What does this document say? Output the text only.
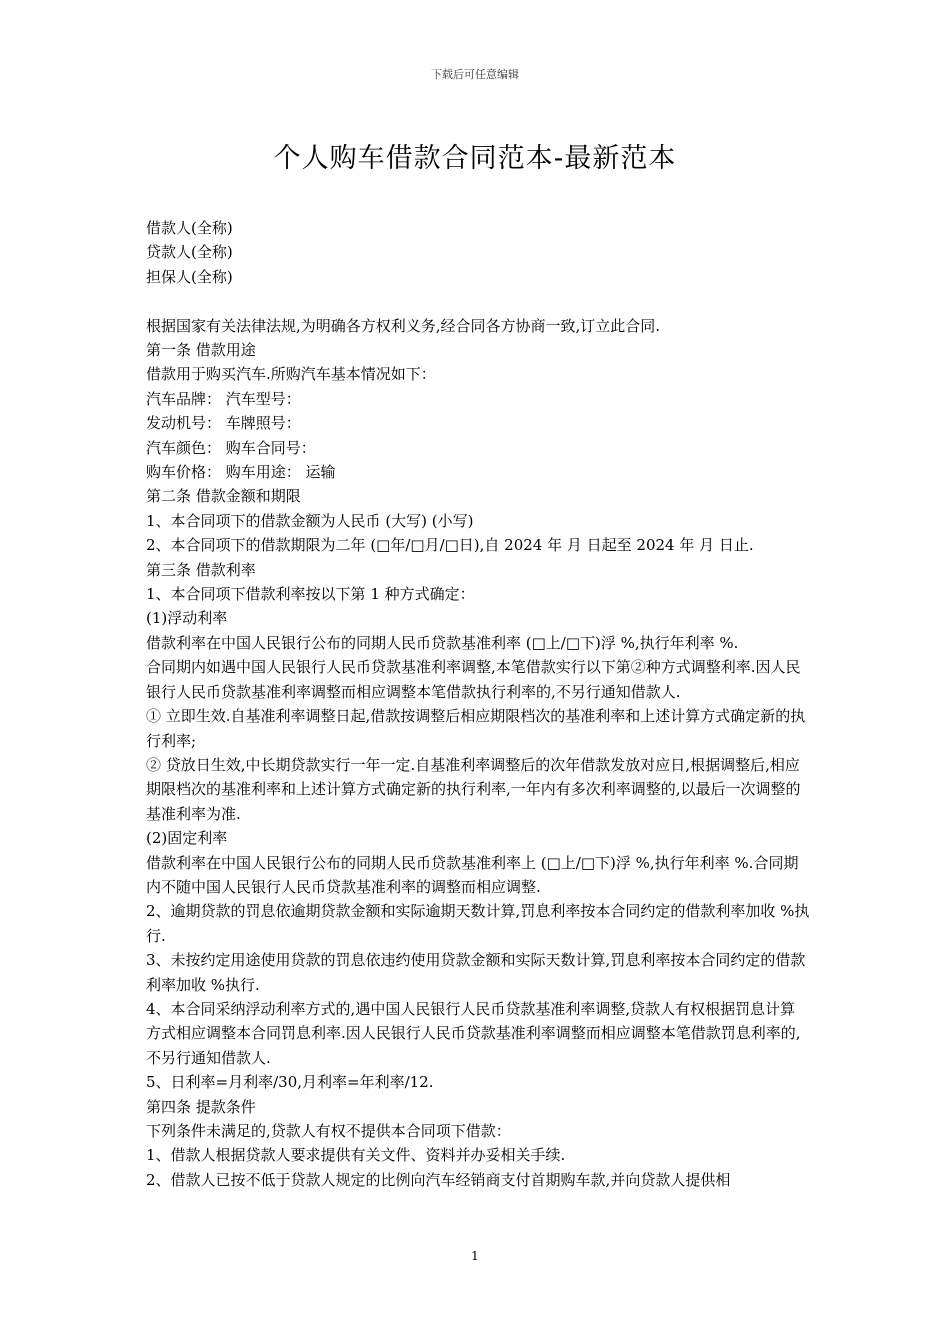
下载后可任意编辑
个人购车借款合同范本-最新范本

借款人(全称)

贷款人(全称)

担保人(全称)

根据国家有关法律法规,为明确各方权利义务,经合同各方协商一致,订立此合同.

第一条 借款用途

借款用于购买汽车.所购汽车基本情况如下：

汽车品牌： 汽车型号：

发动机号： 车牌照号：

汽车颜色： 购车合同号：

购车价格： 购车用途： 运输

第二条 借款金额和期限

1、本合同项下的借款金额为人民币 (大写) (小写)

2、本合同项下的借款期限为二年 (□年/□月/□日),自 2024 年 月 日起至 2024 年 月 日止.

第三条 借款利率

1、本合同项下借款利率按以下第 1 种方式确定：

(1)浮动利率

借款利率在中国人民银行公布的同期人民币贷款基准利率 (□上/□下)浮 %,执行年利率 %.

合同期内如遇中国人民银行人民币贷款基准利率调整,本笔借款实行以下第②种方式调整利率.因人民银行人民币贷款基准利率调整而相应调整本笔借款执行利率的,不另行通知借款人.

① 立即生效.自基准利率调整日起,借款按调整后相应期限档次的基准利率和上述计算方式确定新的执行利率;

② 贷放日生效,中长期贷款实行一年一定.自基准利率调整后的次年借款发放对应日,根据调整后,相应期限档次的基准利率和上述计算方式确定新的执行利率,一年内有多次利率调整的,以最后一次调整的基准利率为准.

(2)固定利率

借款利率在中国人民银行公布的同期人民币贷款基准利率上 (□上/□下)浮 %,执行年利率 %.合同期内不随中国人民银行人民币贷款基准利率的调整而相应调整.

2、逾期贷款的罚息依逾期贷款金额和实际逾期天数计算,罚息利率按本合同约定的借款利率加收 %执行.

3、未按约定用途使用贷款的罚息依违约使用贷款金额和实际天数计算,罚息利率按本合同约定的借款利率加收 %执行.

4、本合同采纳浮动利率方式的,遇中国人民银行人民币贷款基准利率调整,贷款人有权根据罚息计算方式相应调整本合同罚息利率.因人民银行人民币贷款基准利率调整而相应调整本笔借款罚息利率的,不另行通知借款人.

5、日利率=月利率/30,月利率=年利率/12.

第四条 提款条件

下列条件未满足的,贷款人有权不提供本合同项下借款：

1、借款人根据贷款人要求提供有关文件、资料并办妥相关手续.

2、借款人已按不低于贷款人规定的比例向汽车经销商支付首期购车款,并向贷款人提供相

1
